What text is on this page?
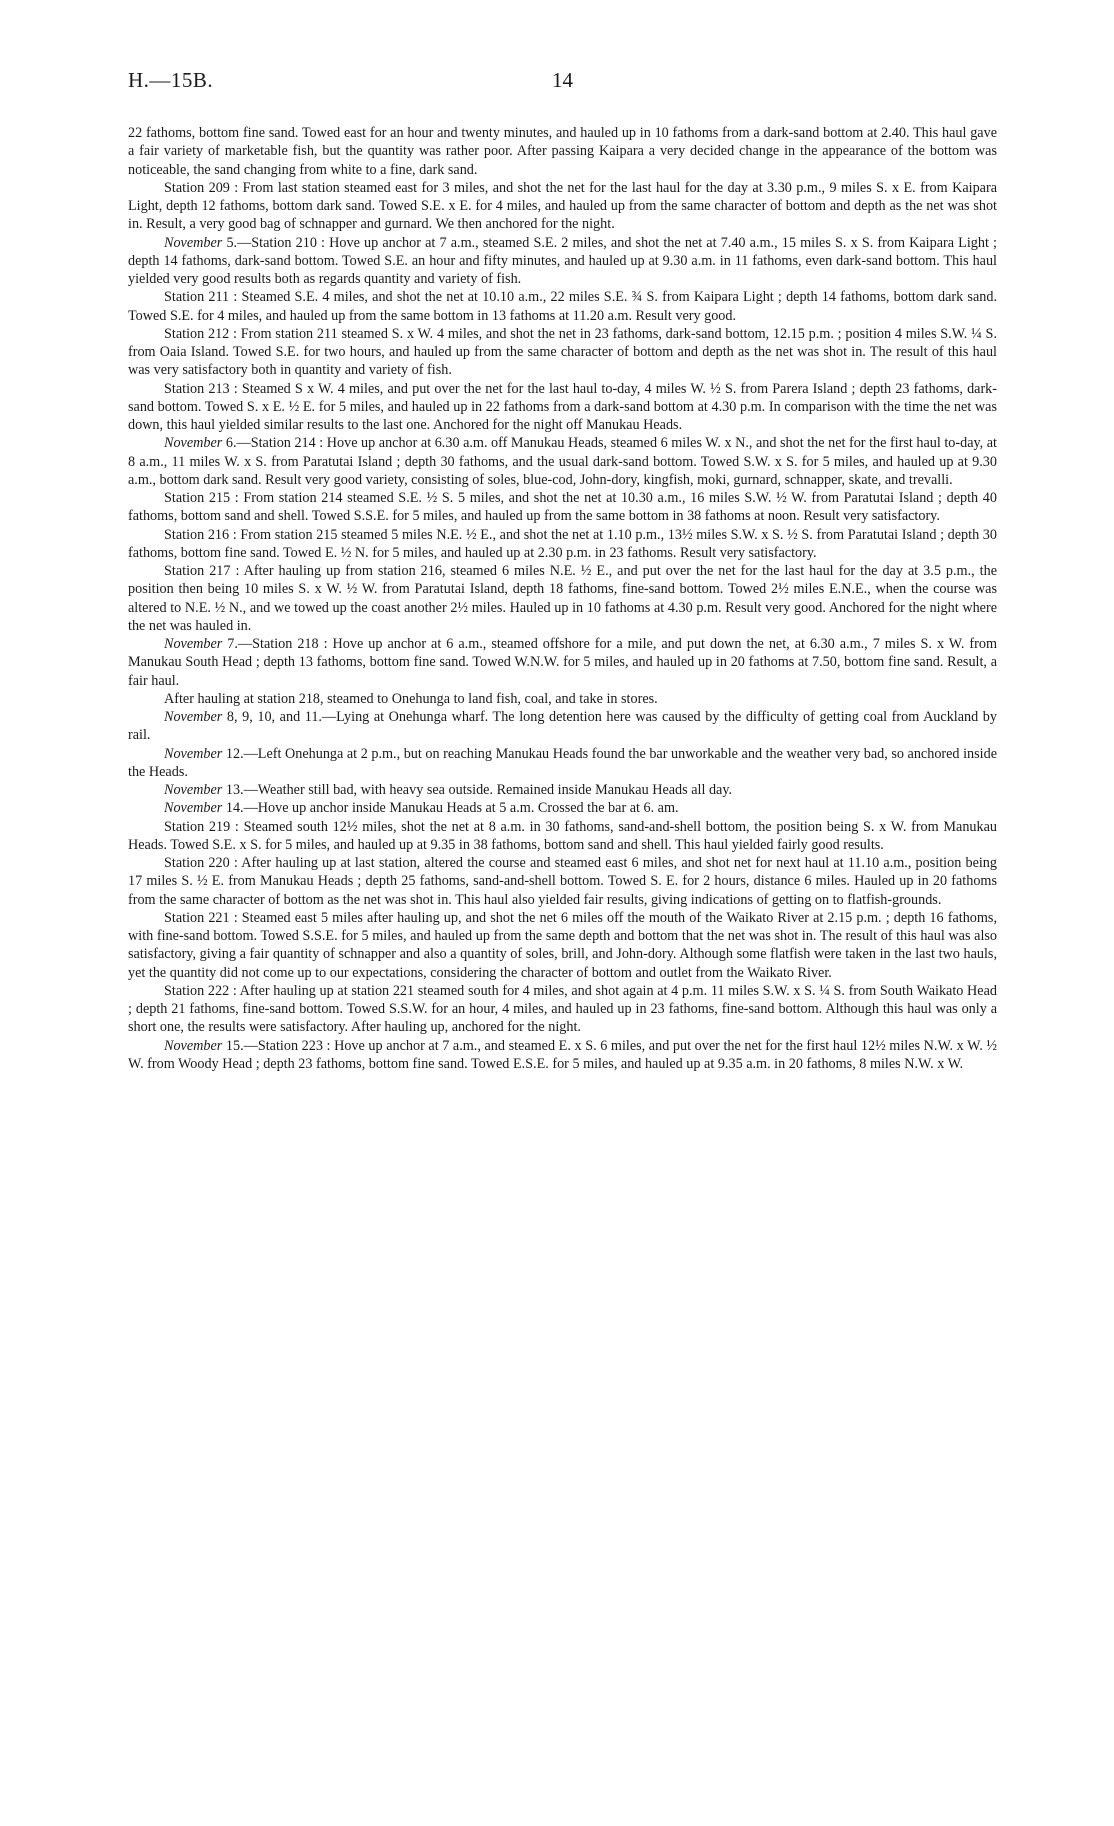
H.—15B.	14

22 fathoms, bottom fine sand. Towed east for an hour and twenty minutes, and hauled up in 10 fathoms from a dark-sand bottom at 2.40. This haul gave a fair variety of marketable fish, but the quantity was rather poor. After passing Kaipara a very decided change in the appearance of the bottom was noticeable, the sand changing from white to a fine, dark sand.

Station 209 : From last station steamed east for 3 miles, and shot the net for the last haul for the day at 3.30 p.m., 9 miles S. x E. from Kaipara Light, depth 12 fathoms, bottom dark sand. Towed S.E. x E. for 4 miles, and hauled up from the same character of bottom and depth as the net was shot in. Result, a very good bag of schnapper and gurnard. We then anchored for the night.

November 5.—Station 210 : Hove up anchor at 7 a.m., steamed S.E. 2 miles, and shot the net at 7.40 a.m., 15 miles S. x S. from Kaipara Light ; depth 14 fathoms, dark-sand bottom. Towed S.E. an hour and fifty minutes, and hauled up at 9.30 a.m. in 11 fathoms, even dark-sand bottom. This haul yielded very good results both as regards quantity and variety of fish.

Station 211 : Steamed S.E. 4 miles, and shot the net at 10.10 a.m., 22 miles S.E. ¾ S. from Kaipara Light ; depth 14 fathoms, bottom dark sand. Towed S.E. for 4 miles, and hauled up from the same bottom in 13 fathoms at 11.20 a.m. Result very good.

Station 212 : From station 211 steamed S. x W. 4 miles, and shot the net in 23 fathoms, dark-sand bottom, 12.15 p.m. ; position 4 miles S.W. ¼ S. from Oaia Island. Towed S.E. for two hours, and hauled up from the same character of bottom and depth as the net was shot in. The result of this haul was very satisfactory both in quantity and variety of fish.

Station 213 : Steamed S x W. 4 miles, and put over the net for the last haul to-day, 4 miles W. ½ S. from Parera Island ; depth 23 fathoms, dark-sand bottom. Towed S. x E. ½ E. for 5 miles, and hauled up in 22 fathoms from a dark-sand bottom at 4.30 p.m. In comparison with the time the net was down, this haul yielded similar results to the last one. Anchored for the night off Manukau Heads.

November 6.—Station 214 : Hove up anchor at 6.30 a.m. off Manukau Heads, steamed 6 miles W. x N., and shot the net for the first haul to-day, at 8 a.m., 11 miles W. x S. from Paratutai Island ; depth 30 fathoms, and the usual dark-sand bottom. Towed S.W. x S. for 5 miles, and hauled up at 9.30 a.m., bottom dark sand. Result very good variety, consisting of soles, blue-cod, John-dory, kingfish, moki, gurnard, schnapper, skate, and trevalli.

Station 215 : From station 214 steamed S.E. ½ S. 5 miles, and shot the net at 10.30 a.m., 16 miles S.W. ½ W. from Paratutai Island ; depth 40 fathoms, bottom sand and shell. Towed S.S.E. for 5 miles, and hauled up from the same bottom in 38 fathoms at noon. Result very satisfactory.

Station 216 : From station 215 steamed 5 miles N.E. ½ E., and shot the net at 1.10 p.m., 13½ miles S.W. x S. ½ S. from Paratutai Island ; depth 30 fathoms, bottom fine sand. Towed E. ½ N. for 5 miles, and hauled up at 2.30 p.m. in 23 fathoms. Result very satisfactory.

Station 217 : After hauling up from station 216, steamed 6 miles N.E. ½ E., and put over the net for the last haul for the day at 3.5 p.m., the position then being 10 miles S. x W. ½ W. from Paratutai Island, depth 18 fathoms, fine-sand bottom. Towed 2½ miles E.N.E., when the course was altered to N.E. ½ N., and we towed up the coast another 2½ miles. Hauled up in 10 fathoms at 4.30 p.m. Result very good. Anchored for the night where the net was hauled in.

November 7.—Station 218 : Hove up anchor at 6 a.m., steamed offshore for a mile, and put down the net, at 6.30 a.m., 7 miles S. x W. from Manukau South Head ; depth 13 fathoms, bottom fine sand. Towed W.N.W. for 5 miles, and hauled up in 20 fathoms at 7.50, bottom fine sand. Result, a fair haul.

After hauling at station 218, steamed to Onehunga to land fish, coal, and take in stores.

November 8, 9, 10, and 11.—Lying at Onehunga wharf. The long detention here was caused by the difficulty of getting coal from Auckland by rail.

November 12.—Left Onehunga at 2 p.m., but on reaching Manukau Heads found the bar unworkable and the weather very bad, so anchored inside the Heads.

November 13.—Weather still bad, with heavy sea outside. Remained inside Manukau Heads all day.

November 14.—Hove up anchor inside Manukau Heads at 5 a.m. Crossed the bar at 6. am.

Station 219 : Steamed south 12½ miles, shot the net at 8 a.m. in 30 fathoms, sand-and-shell bottom, the position being S. x W. from Manukau Heads. Towed S.E. x S. for 5 miles, and hauled up at 9.35 in 38 fathoms, bottom sand and shell. This haul yielded fairly good results.

Station 220 : After hauling up at last station, altered the course and steamed east 6 miles, and shot net for next haul at 11.10 a.m., position being 17 miles S. ½ E. from Manukau Heads ; depth 25 fathoms, sand-and-shell bottom. Towed S. E. for 2 hours, distance 6 miles. Hauled up in 20 fathoms from the same character of bottom as the net was shot in. This haul also yielded fair results, giving indications of getting on to flatfish-grounds.

Station 221 : Steamed east 5 miles after hauling up, and shot the net 6 miles off the mouth of the Waikato River at 2.15 p.m. ; depth 16 fathoms, with fine-sand bottom. Towed S.S.E. for 5 miles, and hauled up from the same depth and bottom that the net was shot in. The result of this haul was also satisfactory, giving a fair quantity of schnapper and also a quantity of soles, brill, and John-dory. Although some flatfish were taken in the last two hauls, yet the quantity did not come up to our expectations, considering the character of bottom and outlet from the Waikato River.

Station 222 : After hauling up at station 221 steamed south for 4 miles, and shot again at 4 p.m. 11 miles S.W. x S. ¼ S. from South Waikato Head ; depth 21 fathoms, fine-sand bottom. Towed S.S.W. for an hour, 4 miles, and hauled up in 23 fathoms, fine-sand bottom. Although this haul was only a short one, the results were satisfactory. After hauling up, anchored for the night.

November 15.—Station 223 : Hove up anchor at 7 a.m., and steamed E. x S. 6 miles, and put over the net for the first haul 12½ miles N.W. x W. ½ W. from Woody Head ; depth 23 fathoms, bottom fine sand. Towed E.S.E. for 5 miles, and hauled up at 9.35 a.m. in 20 fathoms, 8 miles N.W. x W.
